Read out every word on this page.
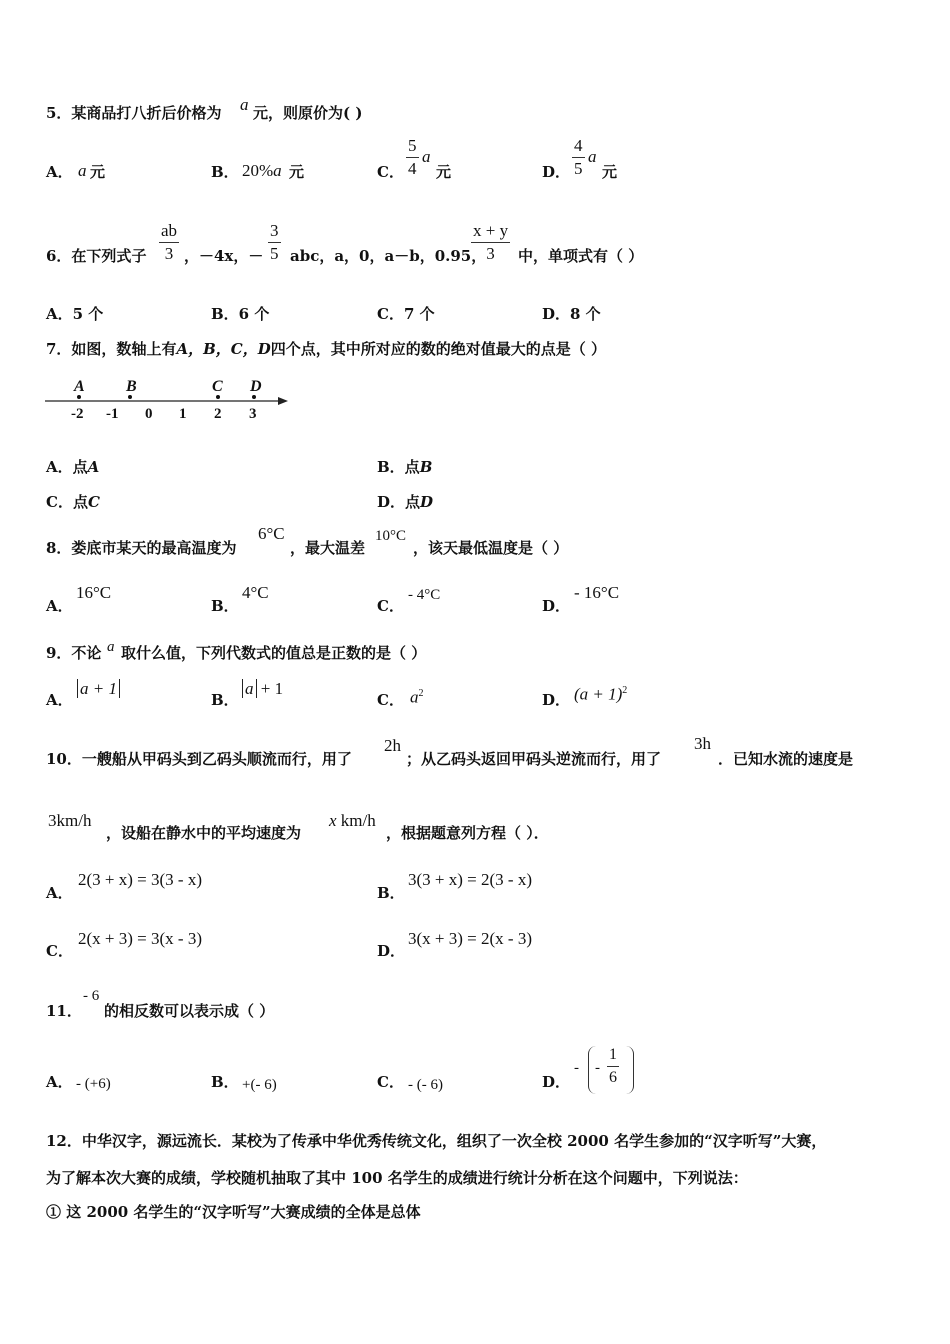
5．某商品打八折后价格为 a 元，则原价为( )
A． a 元	B． 20%a 元	C． $\frac{5}{4}$ a
元	D． $\frac{4}{5}$ a
元
6．在下列式子 $\frac{ab}{3}$ ，－4x，－ $\frac{3}{5}$ abc，a，0，a－b，0.95，
$\frac{x + y}{3}$ 中，单项式有（ ）
A．5 个	B．6 个	C．7 个	D．8 个
7．如图，数轴上有A，B，C，D四个点，其中所对应的数的绝对值最大的点是（ ）
A	B	C D
-2 -1 0 1 2 3
A．点A	B．点B
C．点C	D．点D
8．娄底市某天的最高温度为
6°C
，最大温差
10°C
，该天最低温度是（ ）
A．
16°C
B．
4°C
C．
- 4°C
D．
- 16°C
9．不论 a 取什么值，下列代数式的值总是正数的是（ ）
A．
a + 1
B．
a + 1
C． $a^2$	D． $(a + 1)^2$
10．一艘船从甲码头到乙码头顺流而行，用了
2h
；从乙码头返回甲码头逆流而行，用了
3h
．已知水流的速度是
3km/h
，设船在静水中的平均速度为
x km/h
，根据题意列方程（ ）．
A．
2(3 + x) = 3(3 - x)
B．
3(3 + x) = 2(3 - x)
C．
2(x + 3) = 3(x - 3)
D．
3(x + 3) = 2(x - 3)
11．
- 6
的相反数可以表示成（ ）
A． - (+6)	B． +(- 6)	C． - (- 6)	D．
- - $\frac{1}{6}$
12．中华汉字，源远流长．某校为了传承中华优秀传统文化，组织了一次全校 2000 名学生参加的“汉字听写”大赛，
为了解本次大赛的成绩，学校随机抽取了其中 100 名学生的成绩进行统计分析在这个问题中，下列说法：
① 这 2000 名学生的“汉字听写”大赛成绩的全体是总体
